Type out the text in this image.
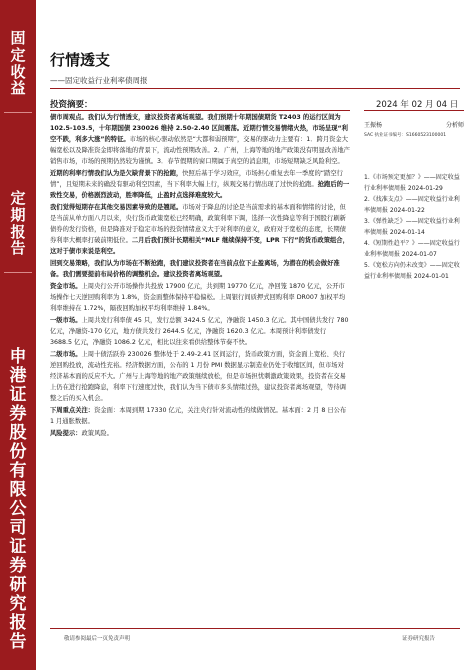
固
定
收
益
定
期
报
告
申
港
证
券
股
份
有
限
公
司
证
券
研
究
报
告
行情透支
——固定收益行业利率债周报
投资摘要：	2024 年 02 月 04 日

债市周观点。我们认为行情透支，建议投资者离场观望。我们预期十年期国债期货 T2403 的运行区间为 102.5-103.5，十年期国债 230026 维持 2.50-2.40 区间震荡。近期行情交易情绪火热，市场呈现“利空不跌，利多大涨”的特征。市场的核心驱动依然是“大都和弱预期”，交易的驱动力主要有：1．跨月资金大幅宽松以及降准资金即将落地的背景下，流动性预期改善。2．广州，上海等地的地产政策没有明显改善地产销售市场，市场的预期仍然较为谨慎。3．春节假期的窗口期属于真空的消息期，市场短期缺乏风险利空。

近期的利率行情我们认为是欠缺背景下的抢跑，快照后基于学习效应，市场担心重复去年一季度的“踏空行情”，且短期未来的确没有驱动利空因素，当下利率大幅上行，纵观交易行情出现了过快的抢跑。抢跑后的一致性交易，价格剧烈波动，胜率降低，止盈时点选择难度较大。

我们觉得短期存在其他交易因素导致的是翘尾。市场对于降息的讨论是当前需求的基本面和情绪的讨论，但是当前从单方面八月以来，央行货币政策宽松已经明确，政策利率下调，选择一次性降息等利于国股行刷新债券的发行资格，但是降准对于稳定市场的投资情绪意义大于对利率的意义，政府对于宽松的态度，长期债券利率大概率打破前期低位。二月后我们预计长期相关“MLF 继续保持不变，LPR 下行”的货币政策组合，这对于债市来说是利空。

回到交易策略，我们认为市场在不断抢跑，我们建议投资者在当前点位下止盈离场，为潜在的机会做好准备。我们需要提前布局价格的调整机会。建议投资者离场观望。

资金市场。上周央行公开市场操作共投放 17900 亿元，共到期 19770 亿元，净回笼 1870 亿元，公开市场操作七天逆回购利率为 1.8%，资金面整体保持平稳偏松。上周银行间质押式回购利率 DR007 加权平均利率维持在 1.72%，隔夜回购加权平均利率维持 1.84%。

一级市场。上周共发行利率债 45 只，发行总额 3424.5 亿元，净融资 1450.3 亿元。其中国债共发行 780 亿元，净融资-170 亿元，地方债共发行 2644.5 亿元，净融资 1620.3 亿元。本周预计利率债发行 3688.5 亿元，净融资 1086.2 亿元，相比以往来看供给整体节奏不快。

二级市场。上周十债活跃券 230026 整体处于 2.49-2.41 区间运行，货币政策方面，资金面上宽松、央行逆回购投放，流动性充裕。经济数据方面，公布的 1 月份 PMI 数据显示制造业仍处于收缩区间，但市场对经济基本面的反应不大。广州与上海等地的地产政策继续放松，但是市场担忧刺激政策效果，投资者在交易上仍在进行抢跑降息，利率下行速度过快，我们认为当下债市多头情绪过热，建议投资者离场观望，等待调整之后的买入机会。

下周重点关注：资金面：本周到期 17330 亿元，关注央行针对流动性的续做情况。基本面：2 月 8 日公布 1 月通胀数据。

风险提示：政策风险。

王振杨	分析师
SAC 执业证书编号：S1660523100001
1.《市场预定更加？》——固定收益行业利率债周报 2024-01-29
2.《找准支点》——固定收益行业利率债周报 2024-01-22
3.《弹性缺乏》——固定收益行业利率债周报 2024-01-14
4.《短期性趋平？》——固定收益行业利率债周报 2024-01-07
5.《宽松方向仍未改变》——固定收益行业利率债周报 2024-01-01
敬请参阅最后一页免责声明	证券研究报告
